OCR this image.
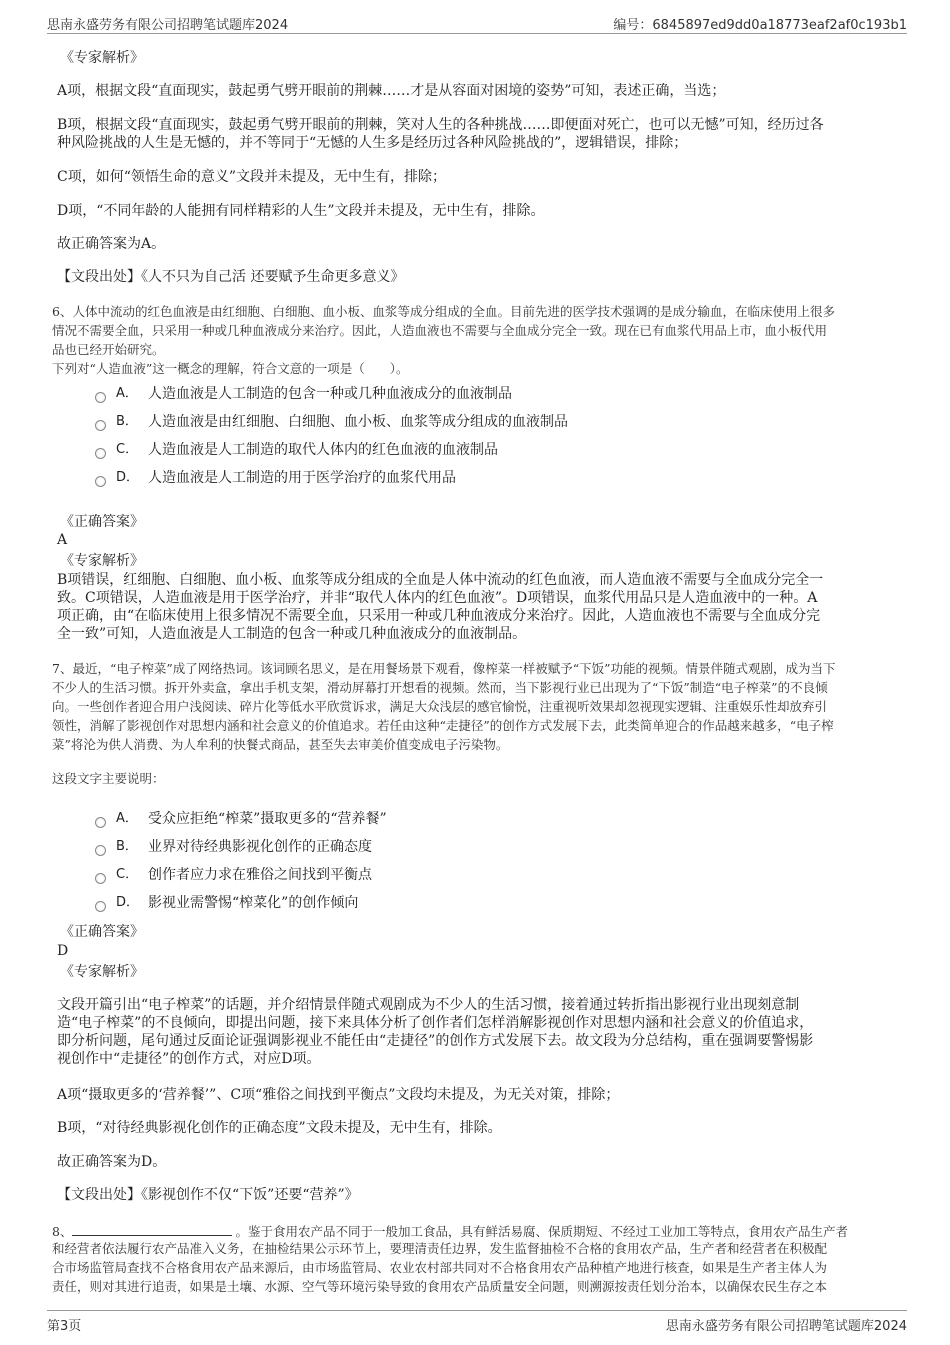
思南永盛劳务有限公司招聘笔试题库2024	编号：6845897ed9dd0a18773eaf2af0c193b1
《专家解析》
A项，根据文段“直面现实，鼓起勇气劈开眼前的荆棘……才是从容面对困境的姿势”可知，表述正确，当选；
B项，根据文段“直面现实，鼓起勇气劈开眼前的荆棘，笑对人生的各种挑战……即便面对死亡，也可以无憾”可知，经历过各
种风险挑战的人生是无憾的，并不等同于“无憾的人生多是经历过各种风险挑战的”，逻辑错误，排除；
C项，如何“领悟生命的意义”文段并未提及，无中生有，排除；
D项，“不同年龄的人能拥有同样精彩的人生”文段并未提及，无中生有，排除。
故正确答案为A。
【文段出处】《人不只为自己活 还要赋予生命更多意义》
6、人体中流动的红色血液是由红细胞、白细胞、血小板、血浆等成分组成的全血。目前先进的医学技术强调的是成分输血，在临床使用上很多
情况不需要全血，只采用一种或几种血液成分来治疗。因此，人造血液也不需要与全血成分完全一致。现在已有血浆代用品上市，血小板代用
品也已经开始研究。
下列对“人造血液”这一概念的理解，符合文意的一项是（　　）。
A． 人造血液是人工制造的包含一种或几种血液成分的血液制品
B． 人造血液是由红细胞、白细胞、血小板、血浆等成分组成的血液制品
C． 人造血液是人工制造的取代人体内的红色血液的血液制品
D． 人造血液是人工制造的用于医学治疗的血浆代用品
《正确答案》
A
《专家解析》
B项错误，红细胞、白细胞、血小板、血浆等成分组成的全血是人体中流动的红色血液，而人造血液不需要与全血成分完全一
致。C项错误，人造血液是用于医学治疗，并非“取代人体内的红色血液”。D项错误，血浆代用品只是人造血液中的一种。A
项正确，由“在临床使用上很多情况不需要全血，只采用一种或几种血液成分来治疗。因此，人造血液也不需要与全血成分完
全一致”可知，人造血液是人工制造的包含一种或几种血液成分的血液制品。
7、最近，“电子榨菜”成了网络热词。该词顾名思义，是在用餐场景下观看，像榨菜一样被赋予“下饭”功能的视频。情景伴随式观剧，成为当下
不少人的生活习惯。拆开外卖盒，拿出手机支架，滑动屏幕打开想看的视频。然而，当下影视行业已出现为了“下饭”制造“电子榨菜”的不良倾
向。一些创作者迎合用户浅阅读、碎片化等低水平欣赏诉求，满足大众浅层的感官愉悦，注重视听效果却忽视现实逻辑、注重娱乐性却放弃引
领性，消解了影视创作对思想内涵和社会意义的价值追求。若任由这种“走捷径”的创作方式发展下去，此类简单迎合的作品越来越多，“电子榨
菜”将沦为供人消费、为人牟利的快餐式商品，甚至失去审美价值变成电子污染物。
这段文字主要说明：
A． 受众应拒绝“榨菜”摄取更多的“营养餐”
B． 业界对待经典影视化创作的正确态度
C． 创作者应力求在雅俗之间找到平衡点
D． 影视业需警惕“榨菜化”的创作倾向
《正确答案》
D
《专家解析》
文段开篇引出“电子榨菜”的话题，并介绍情景伴随式观剧成为不少人的生活习惯，接着通过转折指出影视行业出现刻意制
造“电子榨菜”的不良倾向，即提出问题，接下来具体分析了创作者们怎样消解影视创作对思想内涵和社会意义的价值追求，
即分析问题，尾句通过反面论证强调影视业不能任由“走捷径”的创作方式发展下去。故文段为分总结构，重在强调要警惕影
视创作中“走捷径”的创作方式，对应D项。
A项“摄取更多的‘营养餐’”、C项“雅俗之间找到平衡点”文段均未提及，为无关对策，排除；
B项，“对待经典影视化创作的正确态度”文段未提及，无中生有，排除。
故正确答案为D。
【文段出处】《影视创作不仅“下饭”还要“营养”》
8、	。鉴于食用农产品不同于一般加工食品，具有鲜活易腐、保质期短、不经过工业加工等特点，食用农产品生产者
和经营者依法履行农产品准入义务，在抽检结果公示环节上，要理清责任边界，发生监督抽检不合格的食用农产品，生产者和经营者在积极配
合市场监管局查找不合格食用农产品来源后，由市场监管局、农业农村部共同对不合格食用农产品种植产地进行核查，如果是生产者主体人为
责任，则对其进行追责，如果是土壤、水源、空气等环境污染导致的食用农产品质量安全问题，则溯源按责任划分治本，以确保农民生存之本
第3页	思南永盛劳务有限公司招聘笔试题库2024
